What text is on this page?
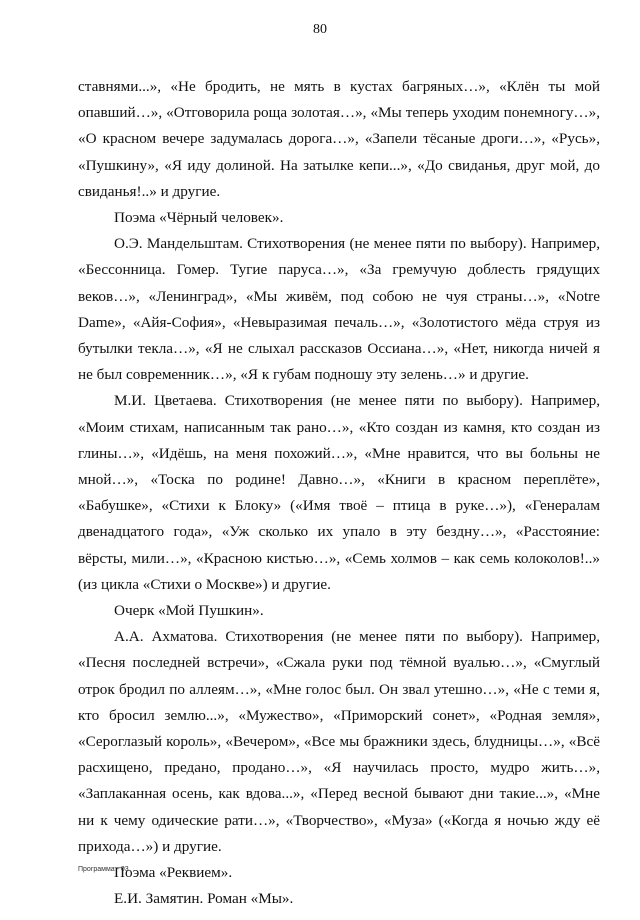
80

ставнями...», «Не бродить, не мять в кустах багряных…», «Клён ты мой опавший…», «Отговорила роща золотая…», «Мы теперь уходим понемногу…», «О красном вечере задумалась дорога…», «Запели тёсаные дроги…», «Русь», «Пушкину», «Я иду долиной. На затылке кепи...», «До свиданья, друг мой, до свиданья!..» и другие.

Поэма «Чёрный человек».

О.Э. Мандельштам. Стихотворения (не менее пяти по выбору). Например, «Бессонница. Гомер. Тугие паруса…», «За гремучую доблесть грядущих веков…», «Ленинград», «Мы живём, под собою не чуя страны…», «Notre Dame», «Айя-София», «Невыразимая печаль…», «Золотистого мёда струя из бутылки текла…», «Я не слыхал рассказов Оссиана…», «Нет, никогда ничей я не был современник…», «Я к губам подношу эту зелень…» и другие.

М.И. Цветаева. Стихотворения (не менее пяти по выбору). Например, «Моим стихам, написанным так рано…», «Кто создан из камня, кто создан из глины…», «Идёшь, на меня похожий…», «Мне нравится, что вы больны не мной…», «Тоска по родине! Давно…», «Книги в красном переплёте», «Бабушке», «Стихи к Блоку» («Имя твоё – птица в руке…»), «Генералам двенадцатого года», «Уж сколько их упало в эту бездну…», «Расстояние: вёрсты, мили…», «Красною кистью…», «Семь холмов – как семь колоколов!..» (из цикла «Стихи о Москве») и другие.

Очерк «Мой Пушкин».

А.А. Ахматова. Стихотворения (не менее пяти по выбору). Например, «Песня последней встречи», «Сжала руки под тёмной вуалью…», «Смуглый отрок бродил по аллеям…», «Мне голос был. Он звал утешно…», «Не с теми я, кто бросил землю...», «Мужество», «Приморский сонет», «Родная земля», «Сероглазый король», «Вечером», «Все мы бражники здесь, блудницы…», «Всё расхищено, предано, продано…», «Я научилась просто, мудро жить…», «Заплаканная осень, как вдова...», «Перед весной бывают дни такие...», «Мне ни к чему одические рати…», «Творчество», «Муза» («Когда я ночью жду её прихода…») и другие.

Поэма «Реквием».

Е.И. Замятин. Роман «Мы».

Программа - 03
